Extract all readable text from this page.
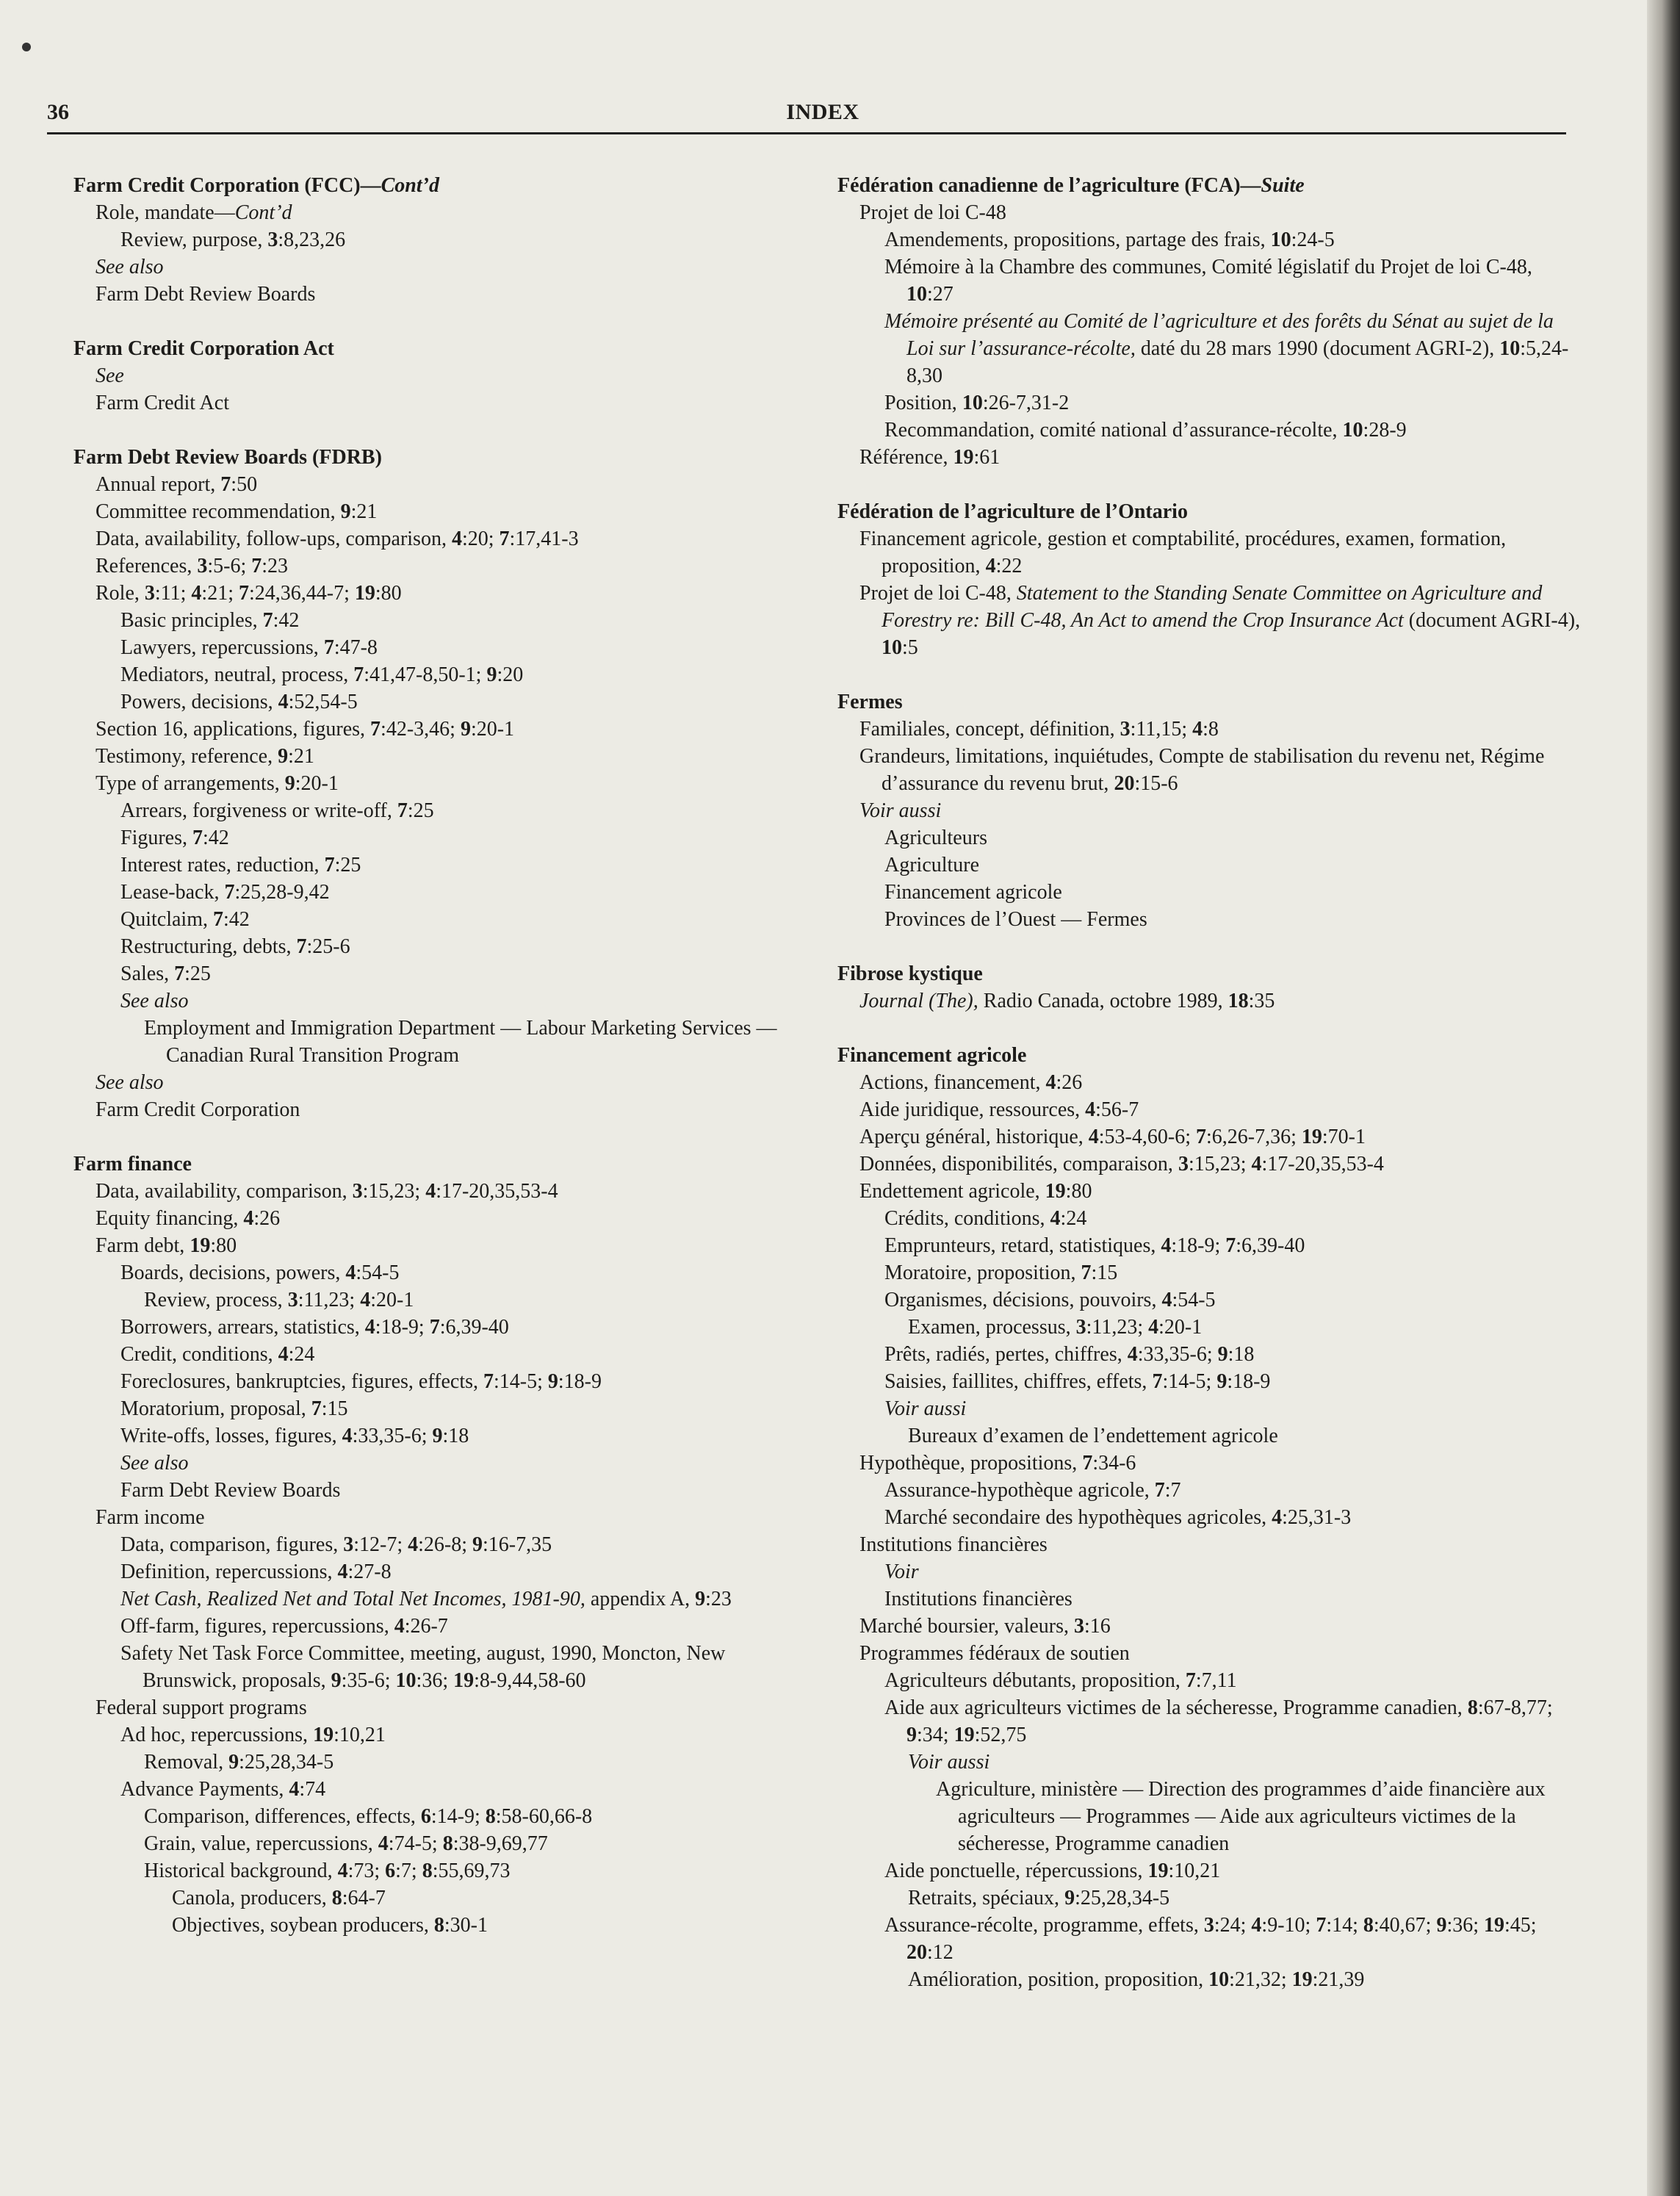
36	INDEX
Farm Credit Corporation (FCC)—Cont’d
Role, mandate—Cont’d
Review, purpose, 3:8,23,26
See also
Farm Debt Review Boards
Farm Credit Corporation Act
See
Farm Credit Act
Farm Debt Review Boards (FDRB)
Annual report, 7:50
Committee recommendation, 9:21
Data, availability, follow-ups, comparison, 4:20; 7:17,41-3
References, 3:5-6; 7:23
Role, 3:11; 4:21; 7:24,36,44-7; 19:80
Basic principles, 7:42
Lawyers, repercussions, 7:47-8
Mediators, neutral, process, 7:41,47-8,50-1; 9:20
Powers, decisions, 4:52,54-5
Section 16, applications, figures, 7:42-3,46; 9:20-1
Testimony, reference, 9:21
Type of arrangements, 9:20-1
Arrears, forgiveness or write-off, 7:25
Figures, 7:42
Interest rates, reduction, 7:25
Lease-back, 7:25,28-9,42
Quitclaim, 7:42
Restructuring, debts, 7:25-6
Sales, 7:25
See also
Employment and Immigration Department — Labour Marketing Services — Canadian Rural Transition Program
See also
Farm Credit Corporation
Farm finance
Data, availability, comparison, 3:15,23; 4:17-20,35,53-4
Equity financing, 4:26
Farm debt, 19:80
Boards, decisions, powers, 4:54-5
Review, process, 3:11,23; 4:20-1
Borrowers, arrears, statistics, 4:18-9; 7:6,39-40
Credit, conditions, 4:24
Foreclosures, bankruptcies, figures, effects, 7:14-5; 9:18-9
Moratorium, proposal, 7:15
Write-offs, losses, figures, 4:33,35-6; 9:18
See also
Farm Debt Review Boards
Farm income
Data, comparison, figures, 3:12-7; 4:26-8; 9:16-7,35
Definition, repercussions, 4:27-8
Net Cash, Realized Net and Total Net Incomes, 1981-90, appendix A, 9:23
Off-farm, figures, repercussions, 4:26-7
Safety Net Task Force Committee, meeting, august, 1990, Moncton, New Brunswick, proposals, 9:35-6; 10:36; 19:8-9,44,58-60
Federal support programs
Ad hoc, repercussions, 19:10,21
Removal, 9:25,28,34-5
Advance Payments, 4:74
Comparison, differences, effects, 6:14-9; 8:58-60,66-8
Grain, value, repercussions, 4:74-5; 8:38-9,69,77
Historical background, 4:73; 6:7; 8:55,69,73
Canola, producers, 8:64-7
Objectives, soybean producers, 8:30-1
Fédération canadienne de l’agriculture (FCA)—Suite
Projet de loi C-48
Amendements, propositions, partage des frais, 10:24-5
Mémoire à la Chambre des communes, Comité législatif du Projet de loi C-48, 10:27
Mémoire présenté au Comité de l’agriculture et des forêts du Sénat au sujet de la Loi sur l’assurance-récolte, daté du 28 mars 1990 (document AGRI-2), 10:5,24-8,30
Position, 10:26-7,31-2
Recommandation, comité national d’assurance-récolte, 10:28-9
Référence, 19:61
Fédération de l’agriculture de l’Ontario
Financement agricole, gestion et comptabilité, procédures, examen, formation, proposition, 4:22
Projet de loi C-48, Statement to the Standing Senate Committee on Agriculture and Forestry re: Bill C-48, An Act to amend the Crop Insurance Act (document AGRI-4), 10:5
Fermes
Familiales, concept, définition, 3:11,15; 4:8
Grandeurs, limitations, inquiétudes, Compte de stabilisation du revenu net, Régime d’assurance du revenu brut, 20:15-6
Voir aussi
Agriculteurs
Agriculture
Financement agricole
Provinces de l’Ouest — Fermes
Fibrose kystique
Journal (The), Radio Canada, octobre 1989, 18:35
Financement agricole
Actions, financement, 4:26
Aide juridique, ressources, 4:56-7
Aperçu général, historique, 4:53-4,60-6; 7:6,26-7,36; 19:70-1
Données, disponibilités, comparaison, 3:15,23; 4:17-20,35,53-4
Endettement agricole, 19:80
Crédits, conditions, 4:24
Emprunteurs, retard, statistiques, 4:18-9; 7:6,39-40
Moratoire, proposition, 7:15
Organismes, décisions, pouvoirs, 4:54-5
Examen, processus, 3:11,23; 4:20-1
Prêts, radiés, pertes, chiffres, 4:33,35-6; 9:18
Saisies, faillites, chiffres, effets, 7:14-5; 9:18-9
Voir aussi
Bureaux d’examen de l’endettement agricole
Hypothèque, propositions, 7:34-6
Assurance-hypothèque agricole, 7:7
Marché secondaire des hypothèques agricoles, 4:25,31-3
Institutions financières
Voir
Institutions financières
Marché boursier, valeurs, 3:16
Programmes fédéraux de soutien
Agriculteurs débutants, proposition, 7:7,11
Aide aux agriculteurs victimes de la sécheresse, Programme canadien, 8:67-8,77; 9:34; 19:52,75
Voir aussi
Agriculture, ministère — Direction des programmes d’aide financière aux agriculteurs — Programmes — Aide aux agriculteurs victimes de la sécheresse, Programme canadien
Aide ponctuelle, répercussions, 19:10,21
Retraits, spéciaux, 9:25,28,34-5
Assurance-récolte, programme, effets, 3:24; 4:9-10; 7:14; 8:40,67; 9:36; 19:45; 20:12
Amélioration, position, proposition, 10:21,32; 19:21,39
